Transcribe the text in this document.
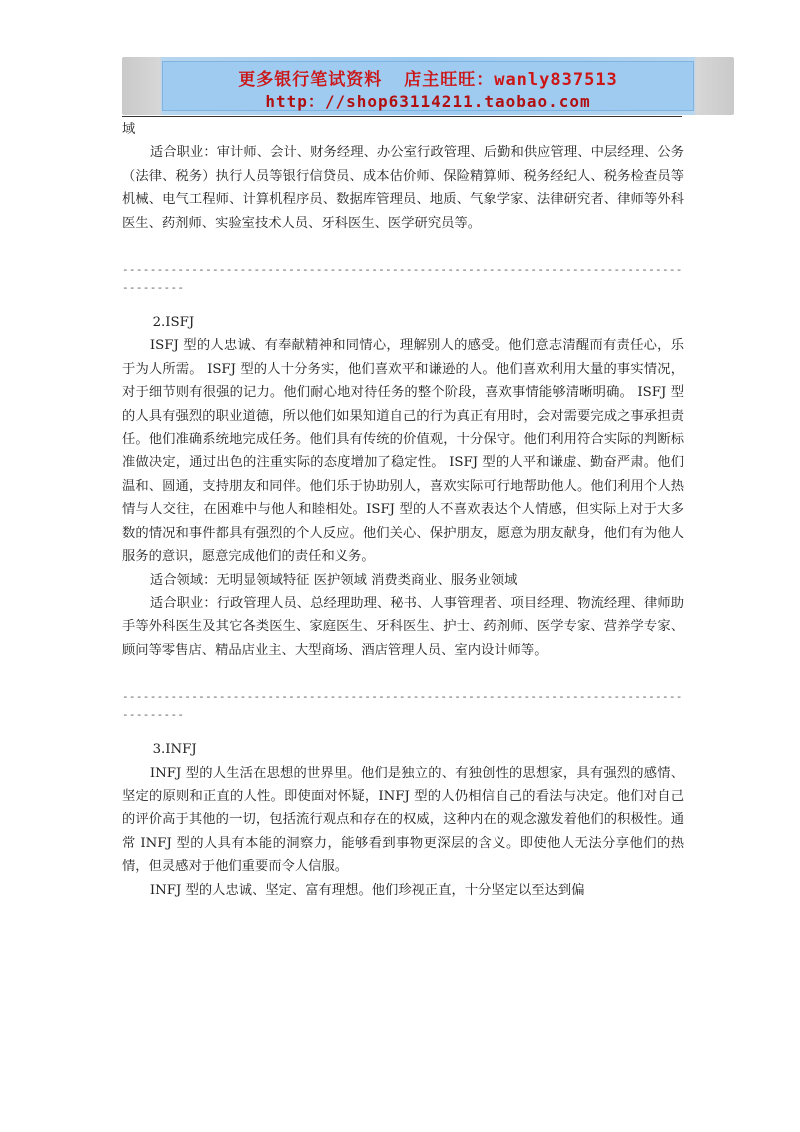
更多银行笔试资料 店主旺旺：wanly837513
http：//shop63114211.taobao.com

域

适合职业：审计师、会计、财务经理、办公室行政管理、后勤和供应管理、中层经理、公务（法律、税务）执行人员等银行信贷员、成本估价师、保险精算师、税务经纪人、税务检查员等机械、电气工程师、计算机程序员、数据库管理员、地质、气象学家、法律研究者、律师等外科医生、药剂师、实验室技术人员、牙科医生、医学研究员等。

------------------------------------------------------------------------------------------

2.ISFJ

ISFJ 型的人忠诚、有奉献精神和同情心，理解别人的感受。他们意志清醒而有责任心，乐于为人所需。 ISFJ 型的人十分务实，他们喜欢平和谦逊的人。他们喜欢利用大量的事实情况，对于细节则有很强的记力。他们耐心地对待任务的整个阶段，喜欢事情能够清晰明确。 ISFJ 型的人具有强烈的职业道德，所以他们如果知道自己的行为真正有用时，会对需要完成之事承担责任。他们准确系统地完成任务。他们具有传统的价值观，十分保守。他们利用符合实际的判断标准做决定，通过出色的注重实际的态度增加了稳定性。 ISFJ 型的人平和谦虚、勤奋严肃。他们温和、圆通，支持朋友和同伴。他们乐于协助别人，喜欢实际可行地帮助他人。他们利用个人热情与人交往，在困难中与他人和睦相处。ISFJ 型的人不喜欢表达个人情感，但实际上对于大多数的情况和事件都具有强烈的个人反应。他们关心、保护朋友，愿意为朋友献身，他们有为他人服务的意识，愿意完成他们的责任和义务。

适合领域：无明显领域特征 医护领域 消费类商业、服务业领域

适合职业：行政管理人员、总经理助理、秘书、人事管理者、项目经理、物流经理、律师助手等外科医生及其它各类医生、家庭医生、牙科医生、护士、药剂师、医学专家、营养学专家、顾问等零售店、精品店业主、大型商场、酒店管理人员、室内设计师等。

------------------------------------------------------------------------------------------

3.INFJ

INFJ 型的人生活在思想的世界里。他们是独立的、有独创性的思想家，具有强烈的感情、坚定的原则和正直的人性。即使面对怀疑，INFJ 型的人仍相信自己的看法与决定。他们对自己的评价高于其他的一切，包括流行观点和存在的权威，这种内在的观念激发着他们的积极性。通常 INFJ 型的人具有本能的洞察力，能够看到事物更深层的含义。即使他人无法分享他们的热情，但灵感对于他们重要而令人信服。

INFJ 型的人忠诚、坚定、富有理想。他们珍视正直，十分坚定以至达到偏
